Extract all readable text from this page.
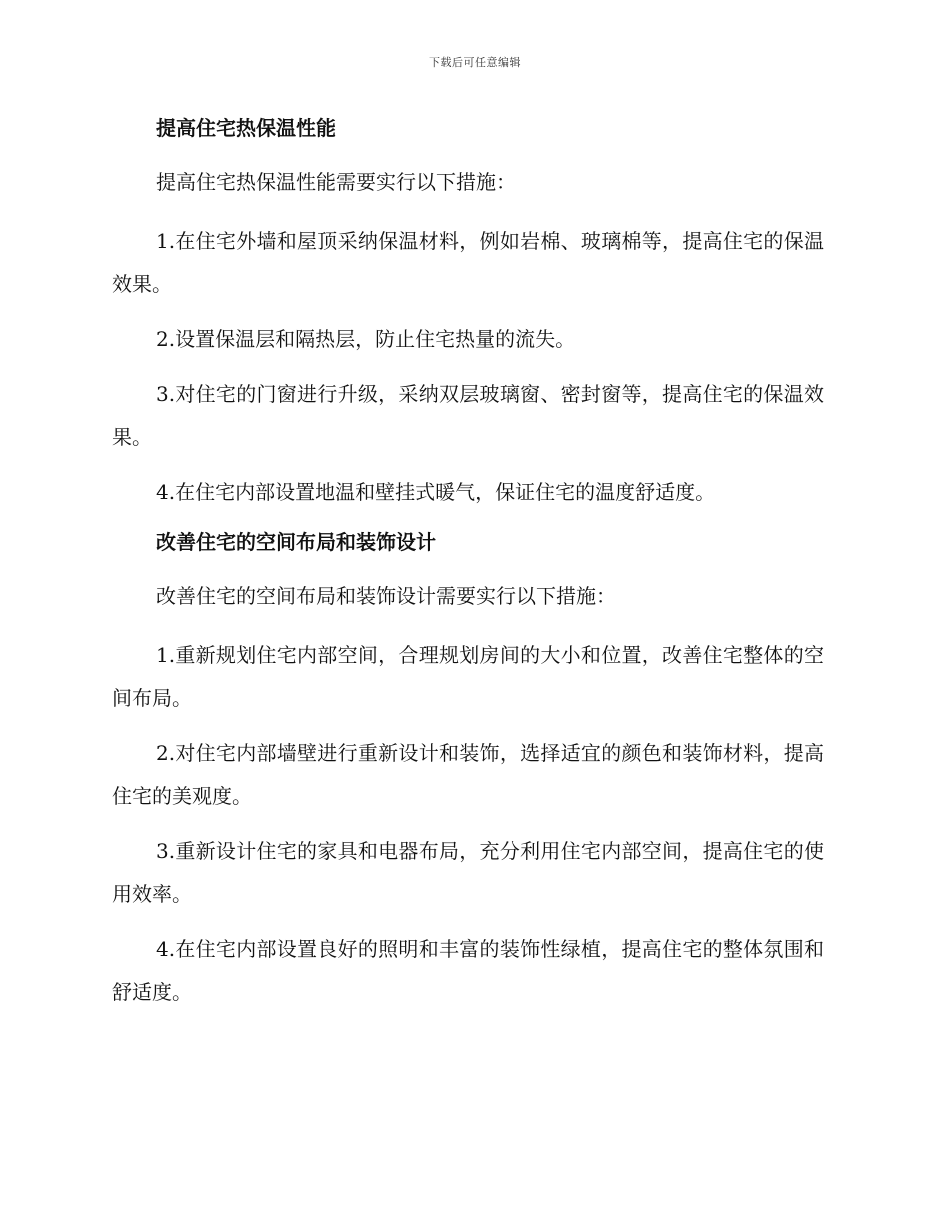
下载后可任意编辑
提高住宅热保温性能

提高住宅热保温性能需要实行以下措施：

1.在住宅外墙和屋顶采纳保温材料，例如岩棉、玻璃棉等，提高住宅的保温效果。

2.设置保温层和隔热层，防止住宅热量的流失。

3.对住宅的门窗进行升级，采纳双层玻璃窗、密封窗等，提高住宅的保温效果。

4.在住宅内部设置地温和壁挂式暖气，保证住宅的温度舒适度。

改善住宅的空间布局和装饰设计

改善住宅的空间布局和装饰设计需要实行以下措施：

1.重新规划住宅内部空间，合理规划房间的大小和位置，改善住宅整体的空间布局。

2.对住宅内部墙壁进行重新设计和装饰，选择适宜的颜色和装饰材料，提高住宅的美观度。

3.重新设计住宅的家具和电器布局，充分利用住宅内部空间，提高住宅的使用效率。

4.在住宅内部设置良好的照明和丰富的装饰性绿植，提高住宅的整体氛围和舒适度。
